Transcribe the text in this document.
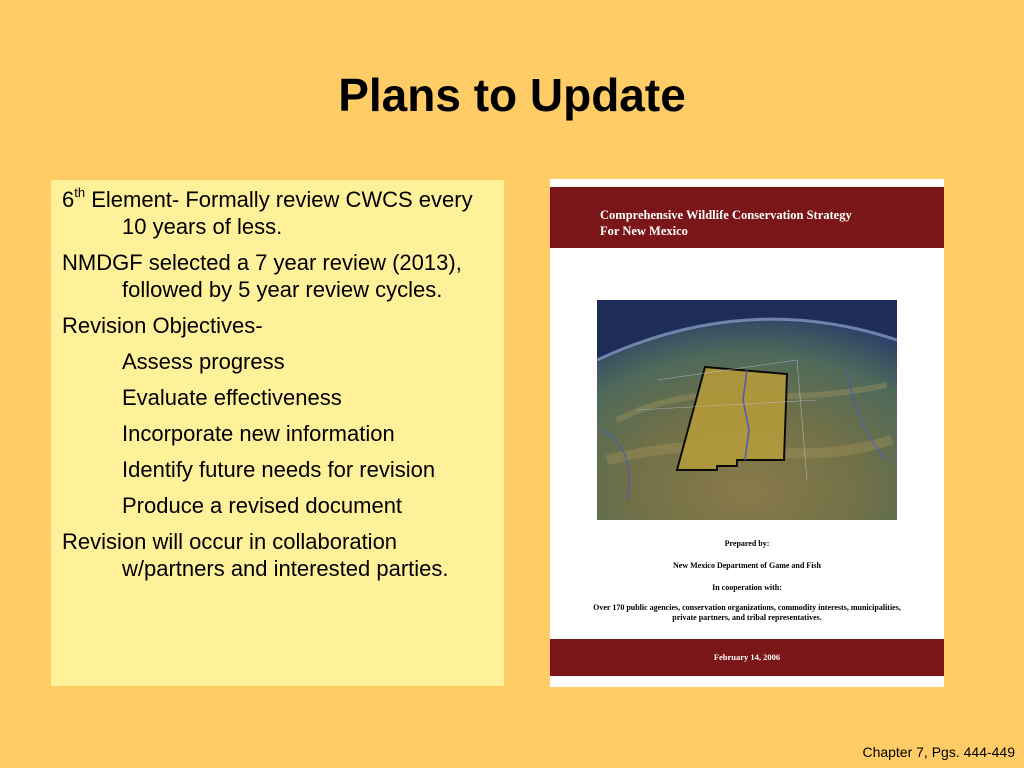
Plans to Update

6th Element- Formally review CWCS every 10 years of less.

NMDGF selected a 7 year review (2013), followed by 5 year review cycles.

Revision Objectives-

Assess progress

Evaluate effectiveness

Incorporate new information

Identify future needs for revision

Produce a revised document

Revision will occur in collaboration w/partners and interested parties.

Comprehensive Wildlife Conservation Strategy
For New Mexico
Prepared by:
New Mexico Department of Game and Fish
In cooperation with:
Over 170 public agencies, conservation organizations, commodity interests, municipalities, private partners, and tribal representatives.
February 14, 2006
Chapter 7, Pgs. 444-449
